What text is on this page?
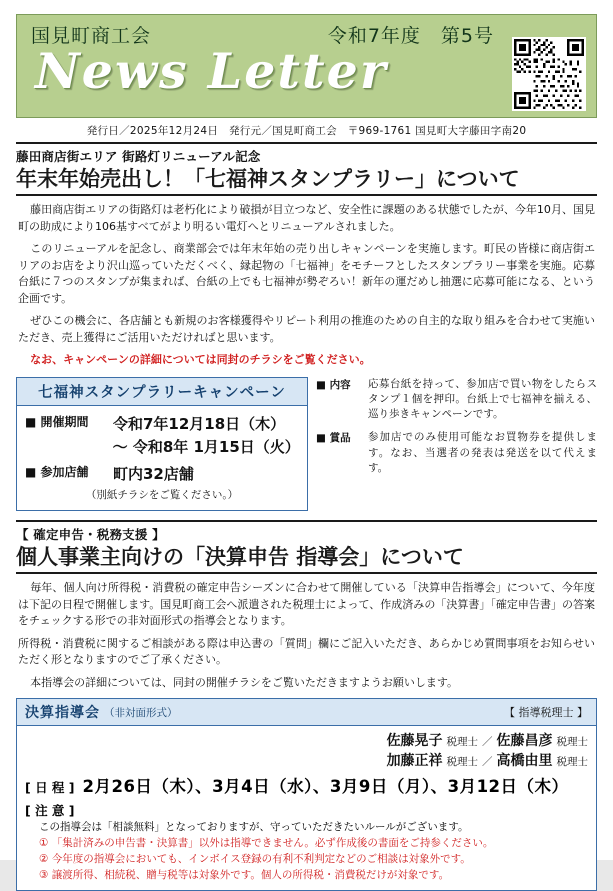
国見町商工会	令和7年度　第5号
News Letter
発行日／2025年12月24日　発行元／国見町商工会　〒969-1761 国見町大字藤田字南20
藤田商店街エリア 街路灯リニューアル記念
年末年始売出し！「七福神スタンプラリー」について

藤田商店街エリアの街路灯は老朽化により破損が目立つなど、安全性に課題のある状態でしたが、今年10月、国見町の助成により106基すべてがより明るい電灯へとリニューアルされました。

このリニューアルを記念し、商業部会では年末年始の売り出しキャンペーンを実施します。町民の皆様に商店街エリアのお店をより沢山巡っていただくべく、縁起物の「七福神」をモチーフとしたスタンプラリー事業を実施。応募台紙に７つのスタンプが集まれば、台紙の上でも七福神が勢ぞろい！新年の運だめし抽選に応募可能になる、という企画です。

ぜひこの機会に、各店舗とも新規のお客様獲得やリピート利用の推進のための自主的な取り組みを合わせて実施いただき、売上獲得にご活用いただければと思います。

なお、キャンペーンの詳細については同封のチラシをご覧ください。

七福神スタンプラリーキャンペーン
■ 開催期間	令和7年12月18日（木）
～ 令和8年 1月15日（火）
■ 参加店舗	町内32店舗
（別紙チラシをご覧ください。）
■ 内容	応募台紙を持って、参加店で買い物をしたらスタンプ１個を押印。台紙上で七福神を揃える、巡り歩きキャンペーンです。
■ 賞品	参加店でのみ使用可能なお買物券を提供します。なお、当選者の発表は発送を以て代えます。
【 確定申告・税務支援 】
個人事業主向けの「決算申告 指導会」について

毎年、個人向け所得税・消費税の確定申告シーズンに合わせて開催している「決算申告指導会」について、今年度は下記の日程で開催します。国見町商工会へ派遣された税理士によって、作成済みの「決算書」「確定申告書」の答案をチェックする形での非対面形式の指導会となります。

所得税・消費税に関するご相談がある際は申込書の「質問」欄にご記入いただき、あらかじめ質問事項をお知らせいただく形となりますのでご了承ください。

本指導会の詳細については、同封の開催チラシをご覧いただきますようお願いします。

決算指導会 （非対面形式）	【 指導税理士 】
佐藤晃子 税理士 ／ 佐藤昌彦 税理士
加藤正祥 税理士 ／ 高橋由里 税理士
[ 日 程 ] 2月26日（木）、3月4日（水）、3月9日（月）、3月12日（木）
[ 注 意 ]
この指導会は「相談無料」となっておりますが、守っていただきたいルールがございます。
① 「集計済みの申告書・決算書」以外は指導できません。必ず作成後の書面をご持参ください。
② 今年度の指導会においても、インボイス登録の有利不利判定などのご相談は対象外です。
③ 譲渡所得、相続税、贈与税等は対象外です。個人の所得税・消費税だけが対象です。
